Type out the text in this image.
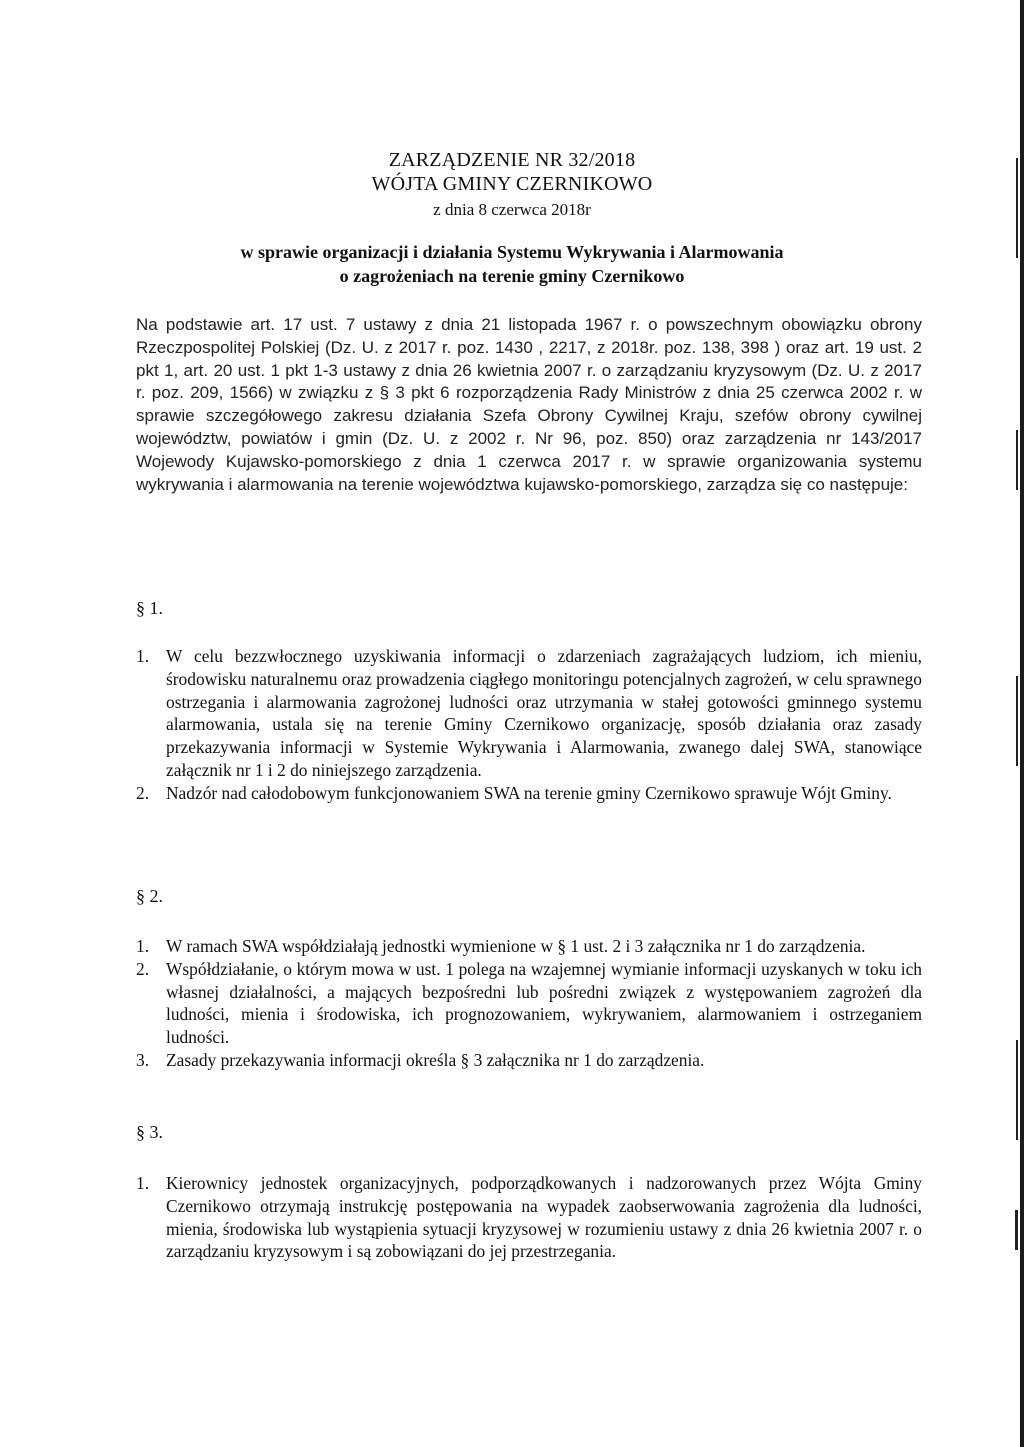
ZARZĄDZENIE NR 32/2018
WÓJTA GMINY CZERNIKOWO
z dnia 8 czerwca 2018r
w sprawie organizacji i działania Systemu Wykrywania i Alarmowania
o zagrożeniach na terenie gminy Czernikowo
Na podstawie art. 17 ust. 7 ustawy z dnia 21 listopada 1967 r. o powszechnym obowiązku obrony Rzeczpospolitej Polskiej (Dz. U. z 2017 r. poz. 1430 , 2217, z 2018r. poz. 138, 398 ) oraz art. 19 ust. 2 pkt 1, art. 20 ust. 1 pkt 1-3 ustawy z dnia 26 kwietnia 2007 r. o zarządzaniu kryzysowym (Dz. U. z 2017 r. poz. 209, 1566) w związku z § 3 pkt 6 rozporządzenia Rady Ministrów z dnia 25 czerwca 2002 r. w sprawie szczegółowego zakresu działania Szefa Obrony Cywilnej Kraju, szefów obrony cywilnej województw, powiatów i gmin (Dz. U. z 2002 r. Nr 96, poz. 850) oraz zarządzenia nr 143/2017 Wojewody Kujawsko-pomorskiego z dnia 1 czerwca 2017 r. w sprawie organizowania systemu wykrywania i alarmowania na terenie województwa kujawsko-pomorskiego, zarządza się co następuje:
§ 1.
1. W celu bezzwłocznego uzyskiwania informacji o zdarzeniach zagrażających ludziom, ich mieniu, środowisku naturalnemu oraz prowadzenia ciągłego monitoringu potencjalnych zagrożeń, w celu sprawnego ostrzegania i alarmowania zagrożonej ludności oraz utrzymania w stałej gotowości gminnego systemu alarmowania, ustala się na terenie Gminy Czernikowo organizację, sposób działania oraz zasady przekazywania informacji w Systemie Wykrywania i Alarmowania, zwanego dalej SWA, stanowiące załącznik nr 1 i 2 do niniejszego zarządzenia.
2. Nadzór nad całodobowym funkcjonowaniem SWA na terenie gminy Czernikowo sprawuje Wójt Gminy.
§ 2.
1. W ramach SWA współdziałają jednostki wymienione w § 1 ust. 2 i 3 załącznika nr 1 do zarządzenia.
2. Współdziałanie, o którym mowa w ust. 1 polega na wzajemnej wymianie informacji uzyskanych w toku ich własnej działalności, a mających bezpośredni lub pośredni związek z występowaniem zagrożeń dla ludności, mienia i środowiska, ich prognozowaniem, wykrywaniem, alarmowaniem i ostrzeganiem ludności.
3. Zasady przekazywania informacji określa § 3 załącznika nr 1 do zarządzenia.
§ 3.
1. Kierownicy jednostek organizacyjnych, podporządkowanych i nadzorowanych przez Wójta Gminy Czernikowo otrzymają instrukcję postępowania na wypadek zaobserwowania zagrożenia dla ludności, mienia, środowiska lub wystąpienia sytuacji kryzysowej w rozumieniu ustawy z dnia 26 kwietnia 2007 r. o zarządzaniu kryzysowym i są zobowiązani do jej przestrzegania.
